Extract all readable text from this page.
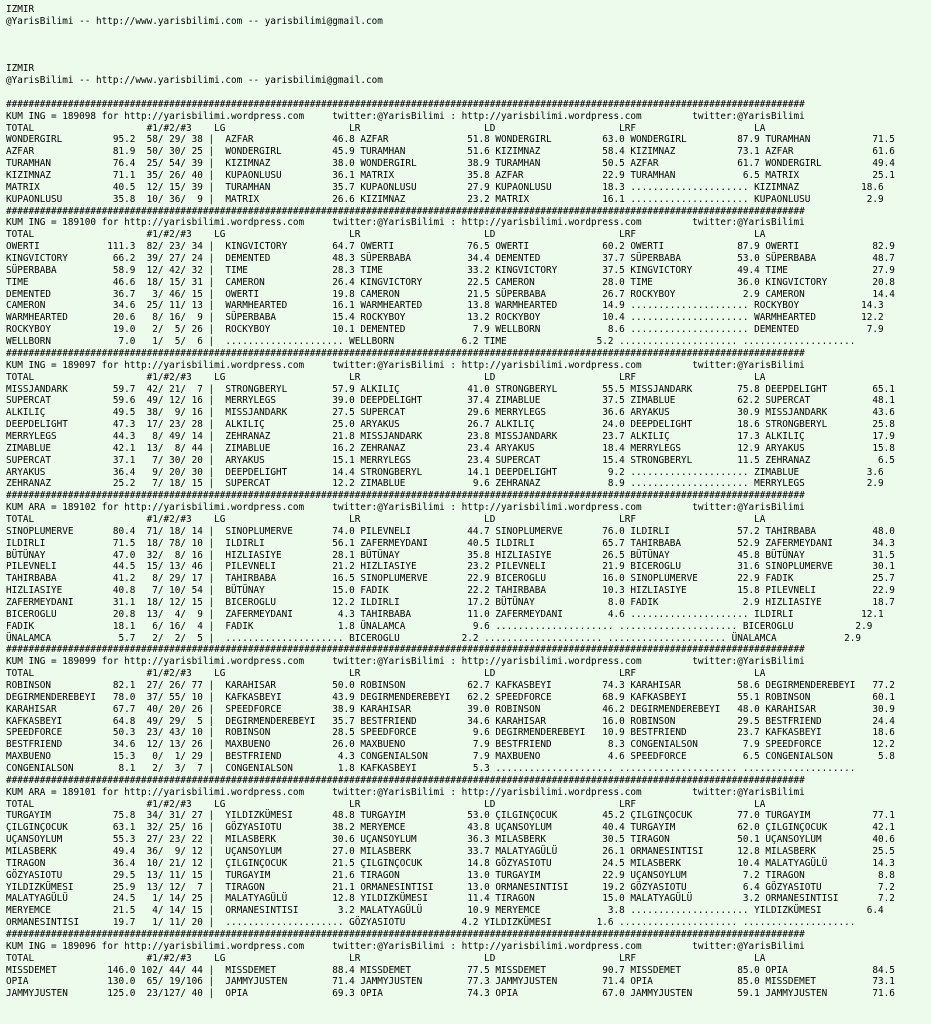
IZMIR
@YarisBilimi -- http://www.yarisbilimi.com -- yarisbilimi@gmail.com

IZMIR
@YarisBilimi -- http://www.yarisbilimi.com -- yarisbilimi@gmail.com

##############################################################################################################################################
KUM ING = 189098 for http://yarisbilimi.wordpress.com     twitter:@YarisBilimi : http://yarisbilimi.wordpress.com         twitter:@YarisBilimi
TOTAL                    #1/#2/#3    LG                      LR                      LD                      LRF                     LA
WONDERGIRL         95.2  58/ 29/ 38 |  AZFAR              46.8 AZFAR              51.8 WONDERGIRL         63.0 WONDERGIRL         87.9 TURAMHAN           71.5
AZFAR              81.9  50/ 30/ 25 |  WONDERGIRL         45.9 TURAMHAN           51.6 KIZIMNAZ           58.4 KIZIMNAZ           73.1 AZFAR              61.6
TURAMHAN           76.4  25/ 54/ 39 |  KIZIMNAZ           38.0 WONDERGIRL         38.9 TURAMHAN           50.5 AZFAR              61.7 WONDERGIRL         49.4
KIZIMNAZ           71.1  35/ 26/ 40 |  KUPAONLUSU         36.1 MATRIX             35.8 AZFAR              22.9 TURAMHAN            6.5 MATRIX             25.1
MATRIX             40.5  12/ 15/ 39 |  TURAMHAN           35.7 KUPAONLUSU         27.9 KUPAONLUSU         18.3 ..................... KIZIMNAZ           18.6
KUPAONLUSU         35.8  10/ 36/  9 |  MATRIX             26.6 KIZIMNAZ           23.2 MATRIX             16.1 ..................... KUPAONLUSU          2.9
##############################################################################################################################################
KUM ING = 189100 for http://yarisbilimi.wordpress.com     twitter:@YarisBilimi : http://yarisbilimi.wordpress.com         twitter:@YarisBilimi
TOTAL                    #1/#2/#3    LG                      LR                      LD                      LRF                     LA
OWERTI            111.3  82/ 23/ 34 |  KINGVICTORY        64.7 OWERTI             76.5 OWERTI             60.2 OWERTI             87.9 OWERTI             82.9
KINGVICTORY        66.2  39/ 27/ 24 |  DEMENTED           48.3 SÜPERBABA          34.4 DEMENTED           37.7 SÜPERBABA          53.0 SÜPERBABA          48.7
SÜPERBABA          58.9  12/ 42/ 32 |  TIME               28.3 TIME               33.2 KINGVICTORY        37.5 KINGVICTORY        49.4 TIME               27.9
TIME               46.6  18/ 15/ 31 |  CAMERON            26.4 KINGVICTORY        22.5 CAMERON            28.0 TIME               36.0 KINGVICTORY        20.8
DEMENTED           36.7   3/ 46/ 15 |  OWERTI             19.8 CAMERON            21.5 SÜPERBABA          26.7 ROCKYBOY            2.9 CAMERON            14.4
CAMERON            34.6  25/ 11/ 13 |  WARMHEARTED        16.1 WARMHEARTED        13.8 WARMHEARTED        14.9 ..................... ROCKYBOY           14.3
WARMHEARTED        20.6   8/ 16/  9 |  SÜPERBABA          15.4 ROCKYBOY           13.2 ROCKYBOY           10.4 ..................... WARMHEARTED        12.2
ROCKYBOY           19.0   2/  5/ 26 |  ROCKYBOY           10.1 DEMENTED            7.9 WELLBORN            8.6 ..................... DEMENTED            7.9
WELLBORN            7.0   1/  5/  6 |  ..................... WELLBORN            6.2 TIME                5.2 ..................... ....................
##############################################################################################################################################
KUM ING = 189097 for http://yarisbilimi.wordpress.com     twitter:@YarisBilimi : http://yarisbilimi.wordpress.com         twitter:@YarisBilimi
TOTAL                    #1/#2/#3    LG                      LR                      LD                      LRF                     LA
MISSJANDARK        59.7  42/ 21/  7 |  STRONGBERYL        57.9 ALKILIÇ            41.0 STRONGBERYL        55.5 MISSJANDARK        75.8 DEEPDELIGHT        65.1
SUPERCAT           59.6  49/ 12/ 16 |  MERRYLEGS          39.0 DEEPDELIGHT        37.4 ZIMABLUE           37.5 ZIMABLUE           62.2 SUPERCAT           48.1
ALKILIÇ            49.5  38/  9/ 16 |  MISSJANDARK        27.5 SUPERCAT           29.6 MERRYLEGS          36.6 ARYAKUS            30.9 MISSJANDARK        43.6
DEEPDELIGHT        47.3  17/ 23/ 28 |  ALKILIÇ            25.0 ARYAKUS            26.7 ALKILIÇ            24.0 DEEPDELIGHT        18.6 STRONGBERYL        25.8
MERRYLEGS          44.3   8/ 49/ 14 |  ZEHRANAZ           21.8 MISSJANDARK        23.8 MISSJANDARK        23.7 ALKILIÇ            17.3 ALKILIÇ            17.9
ZIMABLUE           42.1  13/  8/ 44 |  ZIMABLUE           16.2 ZEHRANAZ           23.4 ARYAKUS            18.4 MERRYLEGS          12.9 ARYAKUS            15.8
SUPERCAT           37.1   7/ 30/ 20 |  ARYAKUS            15.1 MERRYLEGS          23.4 SUPERCAT           15.4 STRONGBERYL        11.5 ZEHRANAZ            6.5
ARYAKUS            36.4   9/ 20/ 30 |  DEEPDELIGHT        14.4 STRONGBERYL        14.1 DEEPDELIGHT         9.2 ..................... ZIMABLUE            3.6
ZEHRANAZ           25.2   7/ 18/ 15 |  SUPERCAT           12.2 ZIMABLUE            9.6 ZEHRANAZ            8.9 ..................... MERRYLEGS           2.9
##############################################################################################################################################
KUM ARA = 189102 for http://yarisbilimi.wordpress.com     twitter:@YarisBilimi : http://yarisbilimi.wordpress.com         twitter:@YarisBilimi
TOTAL                    #1/#2/#3    LG                      LR                      LD                      LRF                     LA
SINOPLUMERVE       80.4  71/ 18/ 14 |  SINOPLUMERVE       74.0 PILEVNELI          44.7 SINOPLUMERVE       76.0 ILDIRLI            57.2 TAHIRBABA          48.0
ILDIRLI            71.5  18/ 78/ 10 |  ILDIRLI            56.1 ZAFERMEYDANI       40.5 ILDIRLI            65.7 TAHIRBABA          52.9 ZAFERMEYDANI       34.3
BÜTÜNAY            47.0  32/  8/ 16 |  HIZLIASIYE         28.1 BÜTÜNAY            35.8 HIZLIASIYE         26.5 BÜTÜNAY            45.8 BÜTÜNAY            31.5
PILEVNELI          44.5  15/ 13/ 46 |  PILEVNELI          21.2 HIZLIASIYE         23.2 PILEVNELI          21.9 BICEROGLU          31.6 SINOPLUMERVE       30.1
TAHIRBABA          41.2   8/ 29/ 17 |  TAHIRBABA          16.5 SINOPLUMERVE       22.9 BICEROGLU          16.0 SINOPLUMERVE       22.9 FADIK              25.7
HIZLIASIYE         40.8   7/ 10/ 54 |  BÜTÜNAY            15.0 FADIK              22.2 TAHIRBABA          10.3 HIZLIASIYE         15.8 PILEVNELI          22.9
ZAFERMEYDANI       31.1  18/ 12/ 15 |  BICEROGLU          12.2 ILDIRLI            17.2 BÜTÜNAY             8.0 FADIK               2.9 HIZLIASIYE         18.7
BICEROGLU          20.8  13/  4/  9 |  ZAFERMEYDANI        4.3 TAHIRBABA          11.0 ZAFERMEYDANI        4.6 ..................... ILDIRLI            12.1
FADIK              18.1   6/ 16/  4 |  FADIK               1.8 ÜNALAMCA            9.6 ..................... ..................... BICEROGLU           2.9
ÜNALAMCA            5.7   2/  2/  5 |  ..................... BICEROGLU           2.2 ..................... ..................... ÜNALAMCA            2.9
##############################################################################################################################################
KUM ING = 189099 for http://yarisbilimi.wordpress.com     twitter:@YarisBilimi : http://yarisbilimi.wordpress.com         twitter:@YarisBilimi
TOTAL                    #1/#2/#3    LG                      LR                      LD                      LRF                     LA
ROBINSON           82.1  27/ 26/ 77 |  KARAHISAR          50.0 ROBINSON           62.7 KAFKASBEYI         74.3 KARAHISAR          58.6 DEGIRMENDEREBEYI   77.2
DEGIRMENDEREBEYI   78.0  37/ 55/ 10 |  KAFKASBEYI         43.9 DEGIRMENDEREBEYI   62.2 SPEEDFORCE         68.9 KAFKASBEYI         55.1 ROBINSON           60.1
KARAHISAR          67.7  40/ 20/ 26 |  SPEEDFORCE         38.9 KARAHISAR          39.0 ROBINSON           46.2 DEGIRMENDEREBEYI   48.0 KARAHISAR          30.9
KAFKASBEYI         64.8  49/ 29/  5 |  DEGIRMENDEREBEYI   35.7 BESTFRIEND         34.6 KARAHISAR          16.0 ROBINSON           29.5 BESTFRIEND         24.4
SPEEDFORCE         50.3  23/ 43/ 10 |  ROBINSON           28.5 SPEEDFORCE          9.6 DEGIRMENDEREBEYI   10.9 BESTFRIEND         23.7 KAFKASBEYI         18.6
BESTFRIEND         34.6  12/ 13/ 26 |  MAXBUENO           26.0 MAXBUENO            7.9 BESTFRIEND          8.3 CONGENIALSON        7.9 SPEEDFORCE         12.2
MAXBUENO           15.3   0/  1/ 29 |  BESTFRIEND          4.3 CONGENIALSON        7.9 MAXBUENO            4.6 SPEEDFORCE          6.5 CONGENIALSON        5.8
CONGENIALSON        8.1   2/  3/  7 |  CONGENIALSON        1.8 KAFKASBEYI          5.3 ..................... ..................... ....................
##############################################################################################################################################
KUM ARA = 189101 for http://yarisbilimi.wordpress.com     twitter:@YarisBilimi : http://yarisbilimi.wordpress.com         twitter:@YarisBilimi
TOTAL                    #1/#2/#3    LG                      LR                      LD                      LRF                     LA
TURGAYIM           75.8  34/ 31/ 27 |  YILDIZKÜMESI       48.8 TURGAYIM           53.0 ÇILGINÇOCUK        45.2 ÇILGINÇOCUK        77.0 TURGAYIM           77.1
ÇILGINÇOCUK        63.1  32/ 25/ 16 |  GÖZYASIOTU         38.2 MERYEMCE           43.8 UÇANSOYLUM         40.4 TURGAYIM           62.0 ÇILGINÇOCUK        42.1
UÇANSOYLUM         55.3  27/ 23/ 22 |  MILASBERK          30.6 UÇANSOYLUM         36.3 MILASBERK          30.5 TIRAGON            50.1 UÇANSOYLUM         40.6
MILASBERK          49.4  36/  9/ 12 |  UÇANSOYLUM         27.0 MILASBERK          33.7 MALATYAGÜLÜ        26.1 ORMANESINTISI      12.8 MILASBERK          25.5
TIRAGON            36.4  10/ 21/ 12 |  ÇILGINÇOCUK        21.5 ÇILGINÇOCUK        14.8 GÖZYASIOTU         24.5 MILASBERK          10.4 MALATYAGÜLÜ        14.3
GÖZYASIOTU         29.5  13/ 11/ 15 |  TURGAYIM           21.6 TIRAGON            13.0 TURGAYIM           22.9 UÇANSOYLUM          7.2 TIRAGON             8.8
YILDIZKÜMESI       25.9  13/ 12/  7 |  TIRAGON            21.1 ORMANESINTISI      13.0 ORMANESINTISI      19.2 GÖZYASIOTU          6.4 GÖZYASIOTU          7.2
MALATYAGÜLÜ        24.5   1/ 14/ 25 |  MALATYAGÜLÜ        12.8 YILDIZKÜMESI       11.4 TIRAGON            15.0 MALATYAGÜLÜ         3.2 ORMANESINTISI       7.2
MERYEMCE           21.5   4/ 14/ 15 |  ORMANESINTISI       3.2 MALATYAGÜLÜ        10.9 MERYEMCE            3.8 ..................... YILDIZKÜMESI        6.4
ORMANESINTISI      19.7   1/ 11/ 20 |  ..................... GÖZYASIOTU          4.2 YILDIZKÜMESI        1.6 ..................... ....................
##############################################################################################################################################
KUM ING = 189096 for http://yarisbilimi.wordpress.com     twitter:@YarisBilimi : http://yarisbilimi.wordpress.com         twitter:@YarisBilimi
TOTAL                    #1/#2/#3    LG                      LR                      LD                      LRF                     LA
MISSDEMET         146.0 102/ 44/ 44 |  MISSDEMET          88.4 MISSDEMET          77.5 MISSDEMET          90.7 MISSDEMET          85.0 OPIA               84.5
OPIA              130.0  65/ 19/106 |  JAMMYJUSTEN        71.4 JAMMYJUSTEN        77.3 JAMMYJUSTEN        71.4 OPIA               85.0 MISSDEMET          73.1
JAMMYJUSTEN       125.0  23/127/ 40 |  OPIA               69.3 OPIA               74.3 OPIA               67.0 JAMMYJUSTEN        59.1 JAMMYJUSTEN        71.6
